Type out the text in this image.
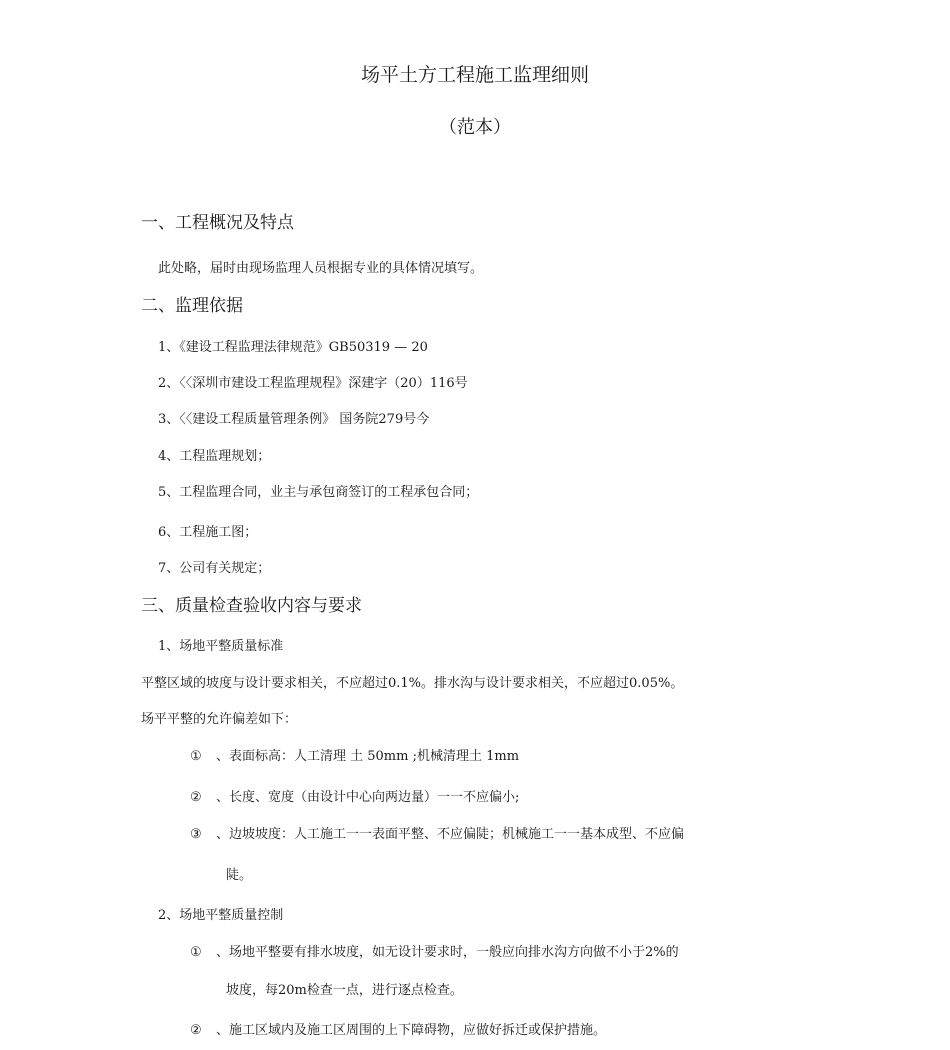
场平土方工程施工监理细则
（范本）
一、工程概况及特点
此处略，届时由现场监理人员根据专业的具体情况填写。
二、监理依据
1、《建设工程监理法律规范》GB50319 — 20
2、〈〈深圳市建设工程监理规程》深建字（20）116号
3、〈〈建设工程质量管理条例》 国务院279号今
4、工程监理规划；
5、工程监理合同，业主与承包商签订的工程承包合同；
6、工程施工图；
7、公司有关规定；
三、质量检查验收内容与要求
1、场地平整质量标准
平整区域的坡度与设计要求相关，不应超过0.1%。排水沟与设计要求相关，不应超过0.05%。
场平平整的允许偏差如下：
① 、表面标高：人工清理 土 50mm ;机械清理土 1mm
② 、长度、宽度（由设计中心向两边量）一一不应偏小;
③ 、边坡坡度：人工施工一一表面平整、不应偏陡；机械施工一一基本成型、不应偏
陡。
2、场地平整质量控制
① 、场地平整要有排水坡度，如无设计要求时，一般应向排水沟方向做不小于2%的
坡度，每20m检查一点，进行逐点检查。
② 、施工区域内及施工区周围的上下障碍物，应做好拆迁或保护措施。
